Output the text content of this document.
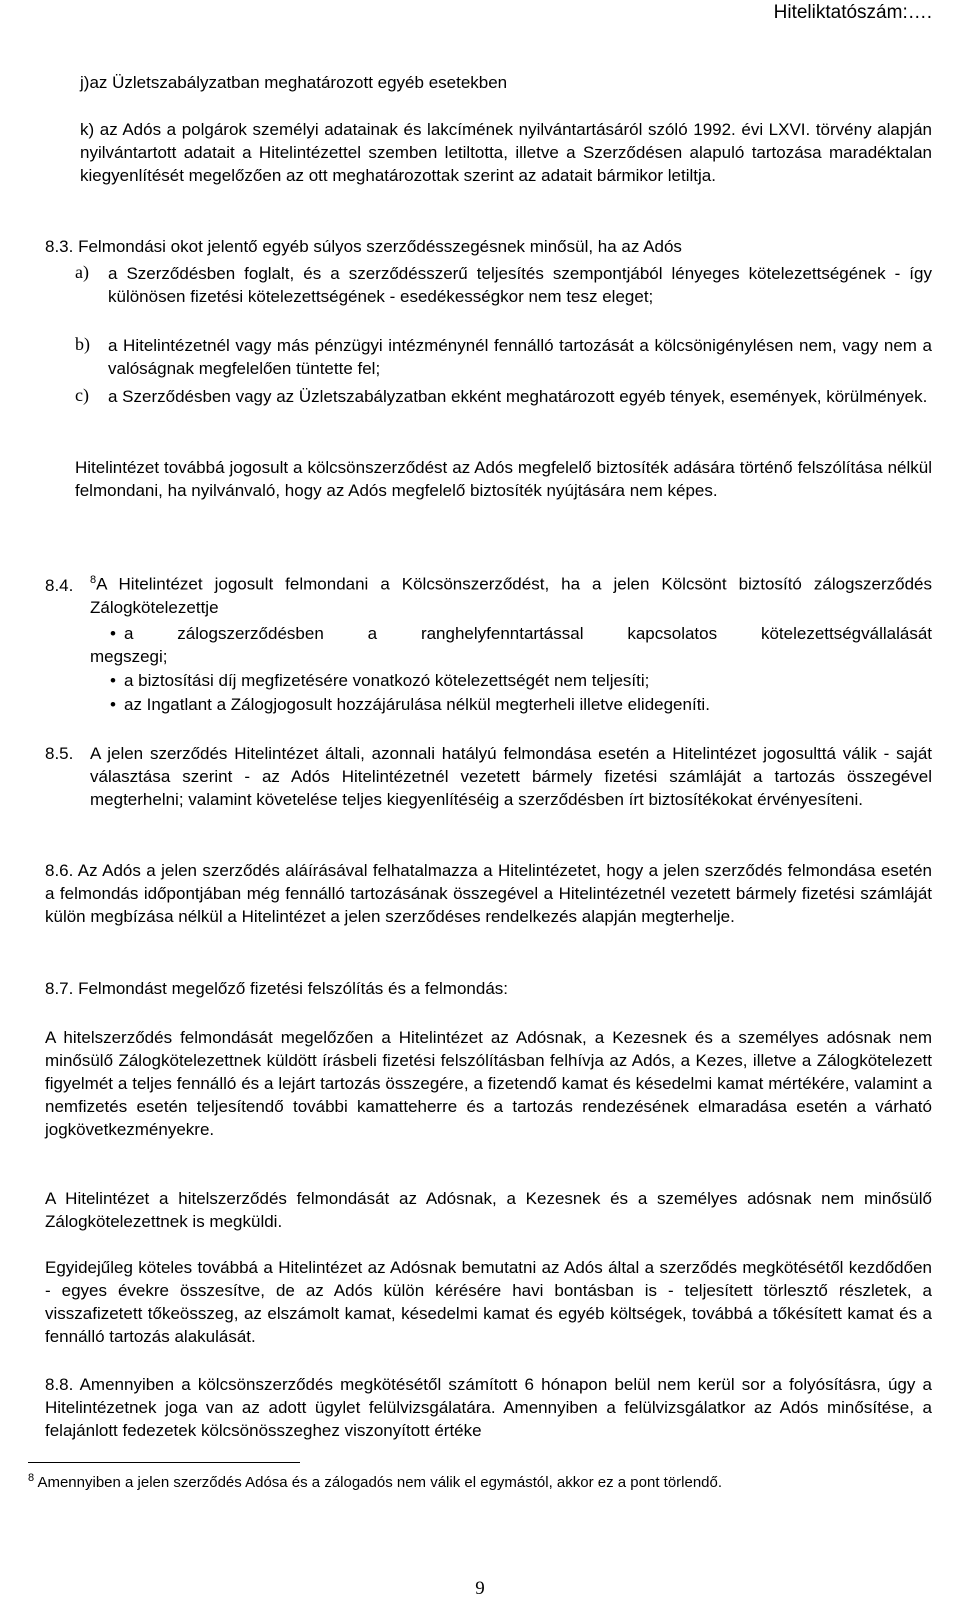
Hiteliktatószám:….
j)az Üzletszabályzatban meghatározott egyéb esetekben
k) az Adós a polgárok személyi adatainak és lakcímének nyilvántartásáról szóló 1992. évi LXVI. törvény alapján nyilvántartott adatait a Hitelintézettel szemben letiltotta, illetve a Szerződésen alapuló tartozása maradéktalan kiegyenlítését megelőzően az ott meghatározottak szerint az adatait bármikor letiltja.
8.3. Felmondási okot jelentő egyéb súlyos szerződésszegésnek minősül, ha az Adós
a) a Szerződésben foglalt, és a szerződésszerű teljesítés szempontjából lényeges kötelezettségének - így különösen fizetési kötelezettségének - esedékességkor nem tesz eleget;
b) a Hitelintézetnél vagy más pénzügyi intézménynél fennálló tartozását a kölcsönigénylésen nem, vagy nem a valóságnak megfelelően tüntette fel;
c) a Szerződésben vagy az Üzletszabályzatban ekként meghatározott egyéb tények, események, körülmények.
Hitelintézet továbbá jogosult a kölcsönszerződést az Adós megfelelő biztosíték adására történő felszólítása nélkül felmondani, ha nyilvánvaló, hogy az Adós megfelelő biztosíték nyújtására nem képes.
8.4. $^8$A Hitelintézet jogosult felmondani a Kölcsönszerződést, ha a jelen Kölcsönt biztosító zálogszerződés Zálogkötelezettje
• a zálogszerződésben a ranghelyfenntartással kapcsolatos kötelezettségvállalását
megszegi;
• a biztosítási díj megfizetésére vonatkozó kötelezettségét nem teljesíti;
• az Ingatlant a Zálogjogosult hozzájárulása nélkül megterheli illetve elidegeníti.
8.5. A jelen szerződés Hitelintézet általi, azonnali hatályú felmondása esetén a Hitelintézet jogosulttá válik - saját választása szerint - az Adós Hitelintézetnél vezetett bármely fizetési számláját a tartozás összegével megterhelni; valamint követelése teljes kiegyenlítéséig a szerződésben írt biztosítékokat érvényesíteni.
8.6. Az Adós a jelen szerződés aláírásával felhatalmazza a Hitelintézetet, hogy a jelen szerződés felmondása esetén a felmondás időpontjában még fennálló tartozásának összegével a Hitelintézetnél vezetett bármely fizetési számláját külön megbízása nélkül a Hitelintézet a jelen szerződéses rendelkezés alapján megterhelje.
8.7. Felmondást megelőző fizetési felszólítás és a felmondás:
A hitelszerződés felmondását megelőzően a Hitelintézet az Adósnak, a Kezesnek és a személyes adósnak nem minősülő Zálogkötelezettnek küldött írásbeli fizetési felszólításban felhívja az Adós, a Kezes, illetve a Zálogkötelezett figyelmét a teljes fennálló és a lejárt tartozás összegére, a fizetendő kamat és késedelmi kamat mértékére, valamint a nemfizetés esetén teljesítendő további kamatteherre és a tartozás rendezésének elmaradása esetén a várható jogkövetkezményekre.
A Hitelintézet a hitelszerződés felmondását az Adósnak, a Kezesnek és a személyes adósnak nem minősülő Zálogkötelezettnek is megküldi.
Egyidejűleg köteles továbbá a Hitelintézet az Adósnak bemutatni az Adós által a szerződés megkötésétől kezdődően - egyes évekre összesítve, de az Adós külön kérésére havi bontásban is - teljesített törlesztő részletek, a visszafizetett tőkeösszeg, az elszámolt kamat, késedelmi kamat és egyéb költségek, továbbá a tőkésített kamat és a fennálló tartozás alakulását.
8.8. Amennyiben a kölcsönszerződés megkötésétől számított 6 hónapon belül nem kerül sor a folyósításra, úgy a Hitelintézetnek joga van az adott ügylet felülvizsgálatára. Amennyiben a felülvizsgálatkor az Adós minősítése, a felajánlott fedezetek kölcsönösszeghez viszonyított értéke
$^8$ Amennyiben a jelen szerződés Adósa és a zálogadós nem válik el egymástól, akkor ez a pont törlendő.
9
